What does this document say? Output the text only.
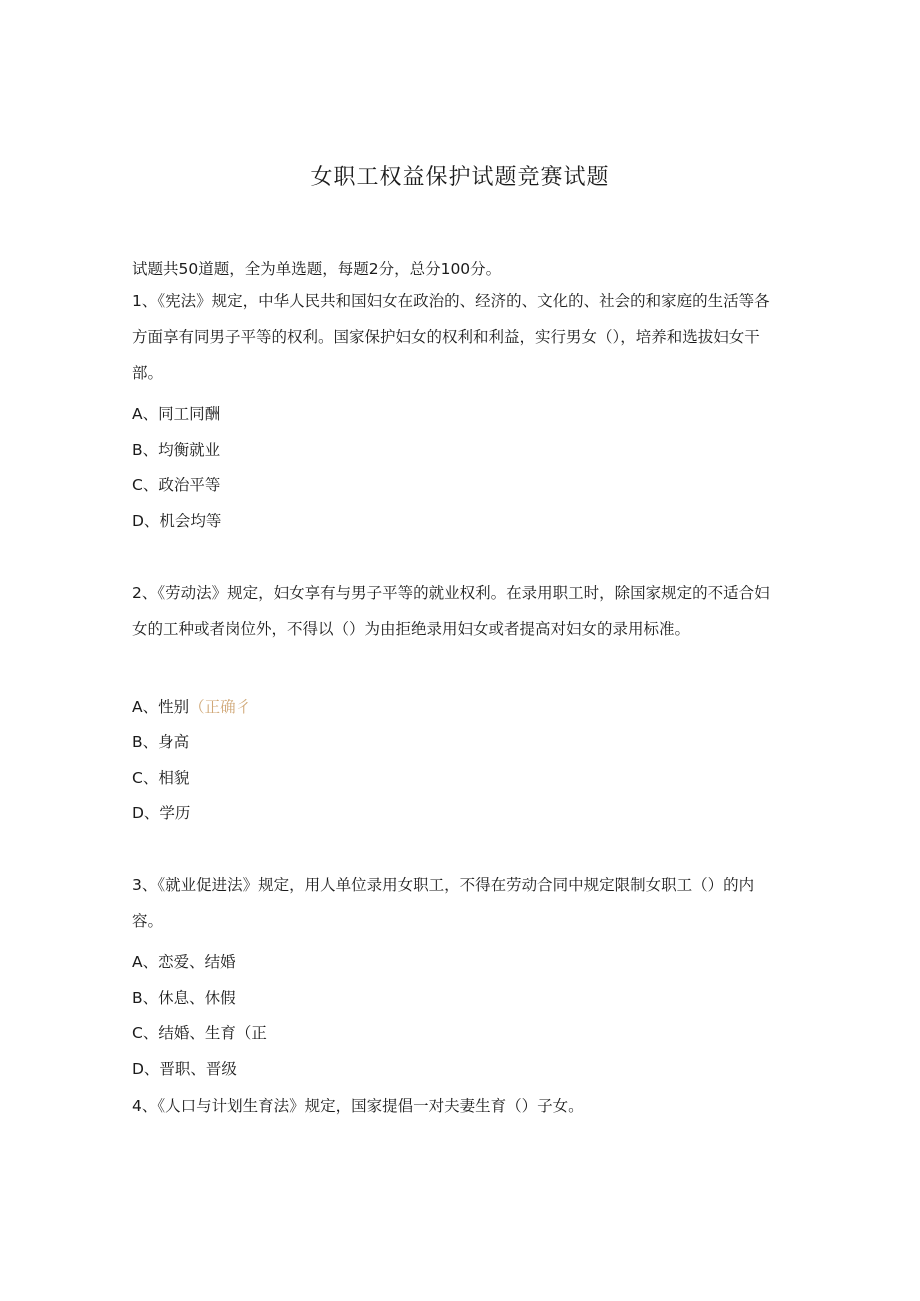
女职工权益保护试题竞赛试题
试题共50道题，全为单选题，每题2分，总分100分。
1、《宪法》规定，中华人民共和国妇女在政治的、经济的、文化的、社会的和家庭的生活等各方面享有同男子平等的权利。国家保护妇女的权利和利益，实行男女（），培养和选拔妇女干部。
A、同工同酬
B、均衡就业
C、政治平等
D、机会均等
2、《劳动法》规定，妇女享有与男子平等的就业权利。在录用职工时，除国家规定的不适合妇女的工种或者岗位外，不得以（）为由拒绝录用妇女或者提高对妇女的录用标准。
A、性别（正确彳
B、身高
C、相貌
D、学历
3、《就业促进法》规定，用人单位录用女职工，不得在劳动合同中规定限制女职工（）的内容。
A、恋爱、结婚
B、休息、休假
C、结婚、生育（正
D、晋职、晋级
4、《人口与计划生育法》规定，国家提倡一对夫妻生育（）子女。
